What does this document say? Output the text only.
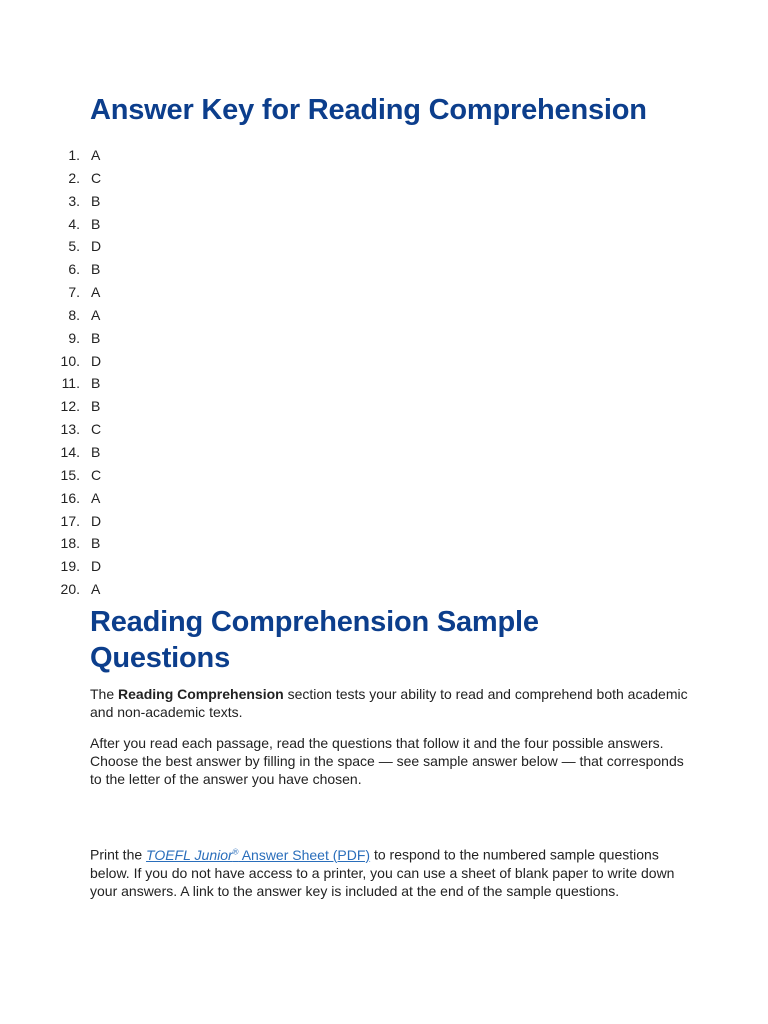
Answer Key for Reading Comprehension
1. A
2. C
3. B
4. B
5. D
6. B
7. A
8. A
9. B
10. D
11. B
12. B
13. C
14. B
15. C
16. A
17. D
18. B
19. D
20. A
Reading Comprehension Sample Questions

The Reading Comprehension section tests your ability to read and comprehend both academic and non-academic texts.

After you read each passage, read the questions that follow it and the four possible answers. Choose the best answer by filling in the space — see sample answer below — that corresponds to the letter of the answer you have chosen.

Print the TOEFL Junior® Answer Sheet (PDF) to respond to the numbered sample questions below. If you do not have access to a printer, you can use a sheet of blank paper to write down your answers. A link to the answer key is included at the end of the sample questions.
